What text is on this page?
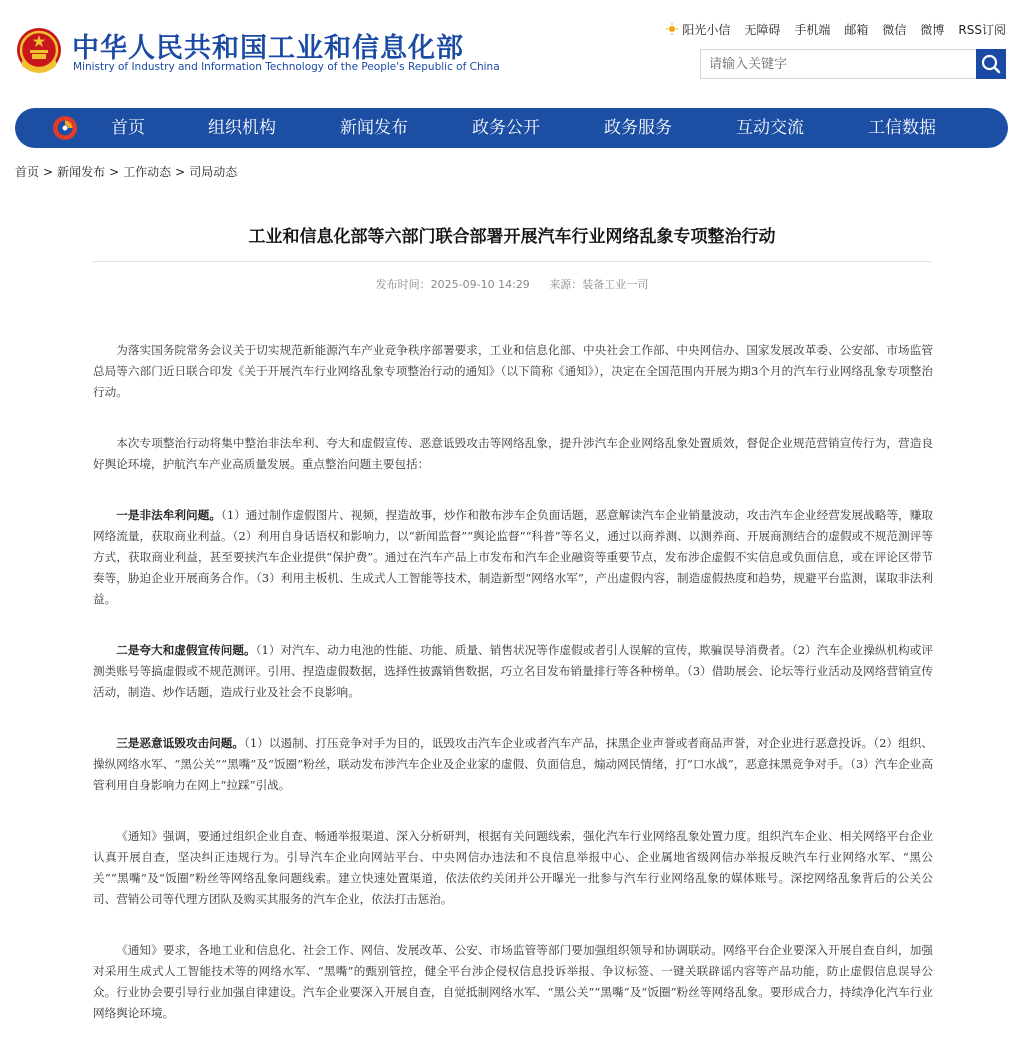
中华人民共和国工业和信息化部
Ministry of Industry and Information Technology of the People's Republic of China
阳光小信 无障碍 手机端 邮箱 微信 微博 RSS订阅
请输入关键字
首页	组织机构	新闻发布	政务公开	政务服务	互动交流	工信数据
首页 > 新闻发布 > 工作动态 > 司局动态
工业和信息化部等六部门联合部署开展汽车行业网络乱象专项整治行动
发布时间：2025-09-10 14:29 来源：装备工业一司

为落实国务院常务会议关于切实规范新能源汽车产业竞争秩序部署要求，工业和信息化部、中央社会工作部、中央网信办、国家发展改革委、公安部、市场监管总局等六部门近日联合印发《关于开展汽车行业网络乱象专项整治行动的通知》（以下简称《通知》），决定在全国范围内开展为期3个月的汽车行业网络乱象专项整治行动。

本次专项整治行动将集中整治非法牟利、夸大和虚假宣传、恶意诋毁攻击等网络乱象，提升涉汽车企业网络乱象处置质效，督促企业规范营销宣传行为，营造良好舆论环境，护航汽车产业高质量发展。重点整治问题主要包括：

一是非法牟利问题。（1）通过制作虚假图片、视频，捏造故事，炒作和散布涉车企负面话题，恶意解读汽车企业销量波动，攻击汽车企业经营发展战略等，赚取网络流量，获取商业利益。（2）利用自身话语权和影响力，以“新闻监督”“舆论监督”“科普”等名义，通过以商养测、以测养商、开展商测结合的虚假或不规范测评等方式，获取商业利益，甚至要挟汽车企业提供“保护费”。通过在汽车产品上市发布和汽车企业融资等重要节点，发布涉企虚假不实信息或负面信息，或在评论区带节奏等，胁迫企业开展商务合作。（3）利用主板机、生成式人工智能等技术，制造新型“网络水军”，产出虚假内容，制造虚假热度和趋势，规避平台监测，谋取非法利益。

二是夸大和虚假宣传问题。（1）对汽车、动力电池的性能、功能、质量、销售状况等作虚假或者引人误解的宣传，欺骗误导消费者。（2）汽车企业操纵机构或评测类账号等搞虚假或不规范测评。引用、捏造虚假数据，选择性披露销售数据，巧立名目发布销量排行等各种榜单。（3）借助展会、论坛等行业活动及网络营销宣传活动，制造、炒作话题，造成行业及社会不良影响。

三是恶意诋毁攻击问题。（1）以遏制、打压竞争对手为目的，诋毁攻击汽车企业或者汽车产品，抹黑企业声誉或者商品声誉，对企业进行恶意投诉。（2）组织、操纵网络水军、“黑公关”“黑嘴”及“饭圈”粉丝，联动发布涉汽车企业及企业家的虚假、负面信息，煽动网民情绪，打“口水战”，恶意抹黑竞争对手。（3）汽车企业高管利用自身影响力在网上“拉踩”引战。

《通知》强调，要通过组织企业自查、畅通举报渠道、深入分析研判，根据有关问题线索，强化汽车行业网络乱象处置力度。组织汽车企业、相关网络平台企业认真开展自查，坚决纠正违规行为。引导汽车企业向网站平台、中央网信办违法和不良信息举报中心、企业属地省级网信办举报反映汽车行业网络水军、“黑公关”“黑嘴”及“饭圈”粉丝等网络乱象问题线索。建立快速处置渠道，依法依约关闭并公开曝光一批参与汽车行业网络乱象的媒体账号。深挖网络乱象背后的公关公司、营销公司等代理方团队及购买其服务的汽车企业，依法打击惩治。

《通知》要求，各地工业和信息化、社会工作、网信、发展改革、公安、市场监管等部门要加强组织领导和协调联动。网络平台企业要深入开展自查自纠，加强对采用生成式人工智能技术等的网络水军、“黑嘴”的甄别管控，健全平台涉企侵权信息投诉举报、争议标签、一键关联辟谣内容等产品功能，防止虚假信息误导公众。行业协会要引导行业加强自律建设。汽车企业要深入开展自查，自觉抵制网络水军、“黑公关”“黑嘴”及“饭圈”粉丝等网络乱象。要形成合力，持续净化汽车行业网络舆论环境。
